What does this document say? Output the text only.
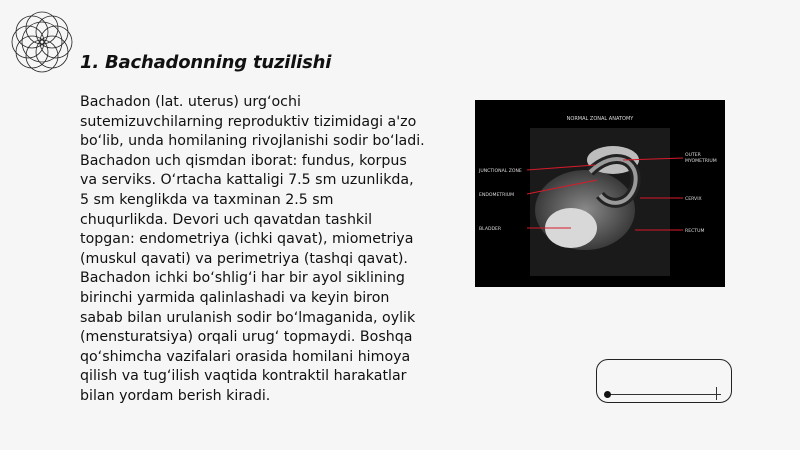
1. Bachadonning tuzilishi

Bachadon (lat. uterus) urg‘ochi sutemizuvchilarning reproduktiv tizimidagi a'zo bo‘lib, unda homilaning rivojlanishi sodir bo‘ladi. Bachadon uch qismdan iborat: fundus, korpus va serviks. O‘rtacha kattaligi 7.5 sm uzunlikda, 5 sm kenglikda va taxminan 2.5 sm chuqurlikda. Devori uch qavatdan tashkil topgan: endometriya (ichki qavat), miometriya (muskul qavati) va perimetriya (tashqi qavat). Bachadon ichki bo‘shlig‘i har bir ayol siklining birinchi yarmida qalinlashadi va keyin biron sabab bilan urulanish sodir bo‘lmaganida, oylik (mensturatsiya) orqali urug‘ topmaydi. Boshqa qo‘shimcha vazifalari orasida homilani himoya qilish va tug‘ilish vaqtida kontraktil harakatlar bilan yordam berish kiradi.

NORMAL ZONAL ANATOMY
JUNCTIONAL ZONE
ENDOMETRIUM
BLADDER
OUTER
MYOMETRIUM
CERVIX
RECTUM
